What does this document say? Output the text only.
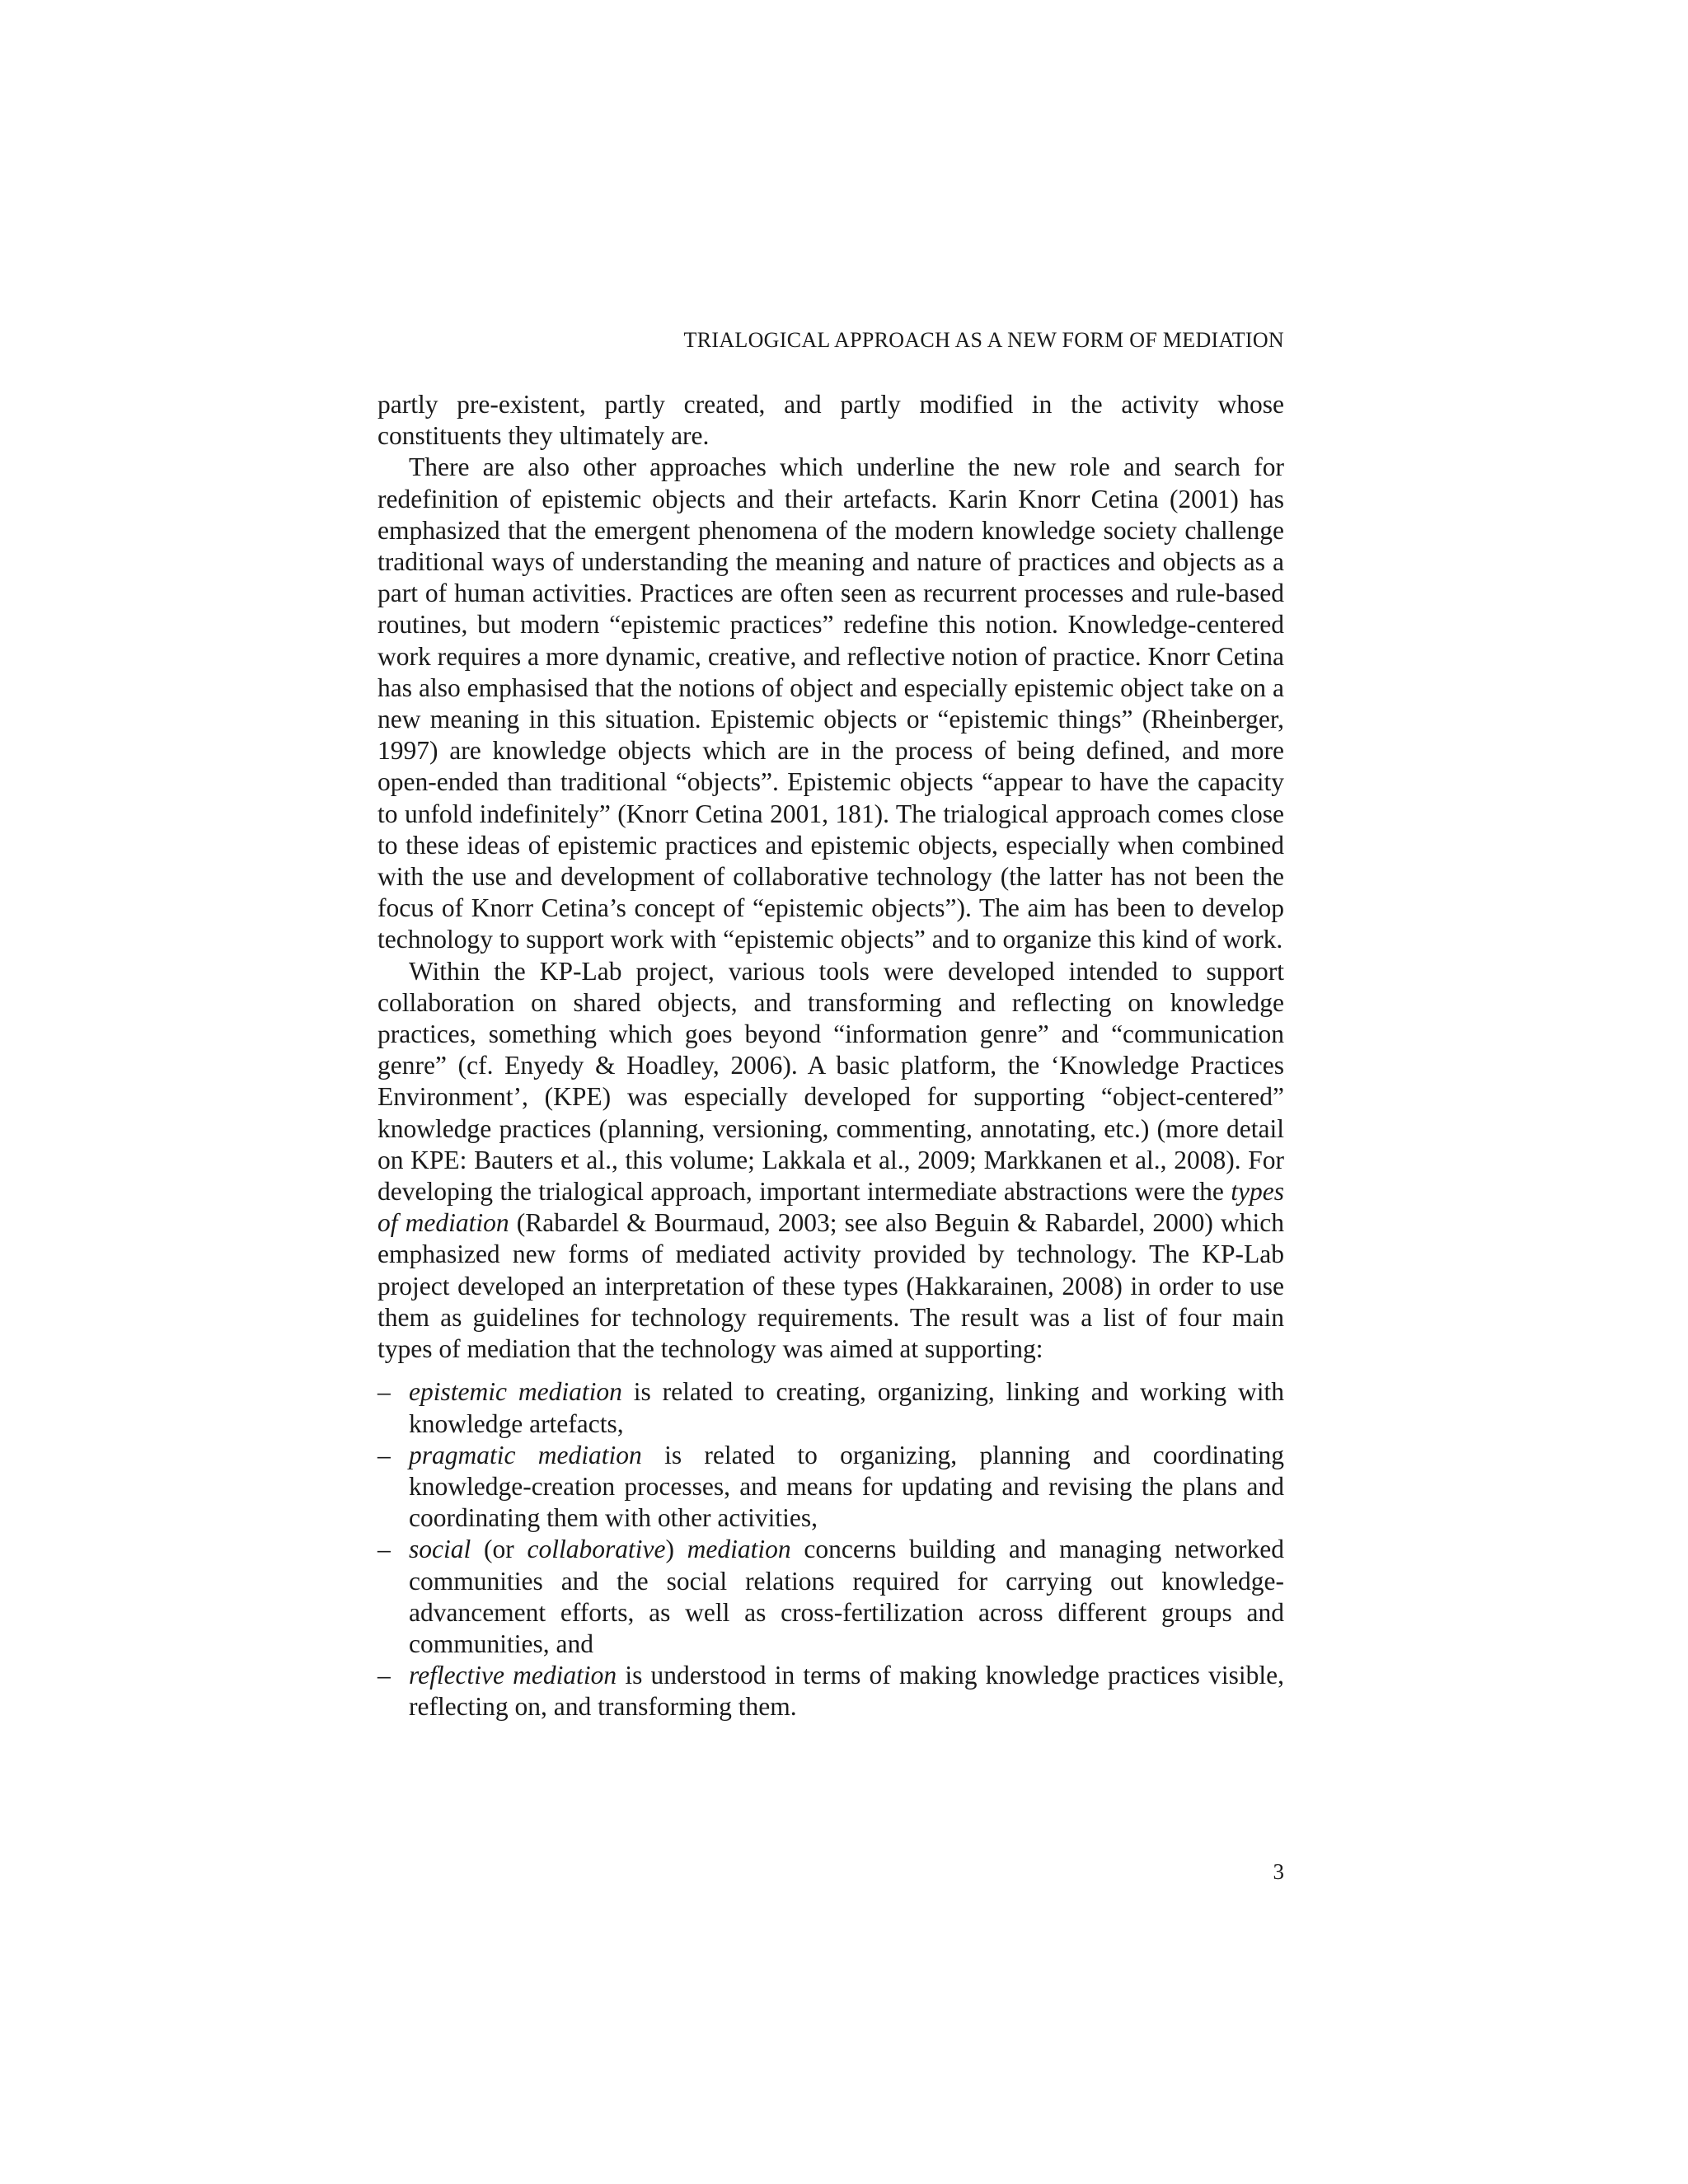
TRIALOGICAL APPROACH AS A NEW FORM OF MEDIATION

partly pre-existent, partly created, and partly modified in the activity whose constituents they ultimately are.

There are also other approaches which underline the new role and search for redefinition of epistemic objects and their artefacts. Karin Knorr Cetina (2001) has emphasized that the emergent phenomena of the modern knowledge society challenge traditional ways of understanding the meaning and nature of practices and objects as a part of human activities. Practices are often seen as recurrent processes and rule-based routines, but modern “epistemic practices” redefine this notion. Knowledge-centered work requires a more dynamic, creative, and reflective notion of practice. Knorr Cetina has also emphasised that the notions of object and especially epistemic object take on a new meaning in this situation. Epistemic objects or “epistemic things” (Rheinberger, 1997) are knowledge objects which are in the process of being defined, and more open-ended than traditional “objects”. Epistemic objects “appear to have the capacity to unfold indefinitely” (Knorr Cetina 2001, 181). The trialogical approach comes close to these ideas of epistemic practices and epistemic objects, especially when combined with the use and development of collaborative technology (the latter has not been the focus of Knorr Cetina’s concept of “epistemic objects”). The aim has been to develop technology to support work with “epistemic objects” and to organize this kind of work.

Within the KP-Lab project, various tools were developed intended to support collaboration on shared objects, and transforming and reflecting on knowledge practices, something which goes beyond “information genre” and “communication genre” (cf. Enyedy & Hoadley, 2006). A basic platform, the ‘Knowledge Practices Environment’, (KPE) was especially developed for supporting “object-centered” knowledge practices (planning, versioning, commenting, annotating, etc.) (more detail on KPE: Bauters et al., this volume; Lakkala et al., 2009; Markkanen et al., 2008). For developing the trialogical approach, important intermediate abstractions were the types of mediation (Rabardel & Bourmaud, 2003; see also Beguin & Rabardel, 2000) which emphasized new forms of mediated activity provided by technology. The KP-Lab project developed an interpretation of these types (Hakkarainen, 2008) in order to use them as guidelines for technology requirements. The result was a list of four main types of mediation that the technology was aimed at supporting:

– epistemic mediation is related to creating, organizing, linking and working with knowledge artefacts,
– pragmatic mediation is related to organizing, planning and coordinating knowledge-creation processes, and means for updating and revising the plans and coordinating them with other activities,
– social (or collaborative) mediation concerns building and managing networked communities and the social relations required for carrying out knowledge-advancement efforts, as well as cross-fertilization across different groups and communities, and
– reflective mediation is understood in terms of making knowledge practices visible, reflecting on, and transforming them.
3
